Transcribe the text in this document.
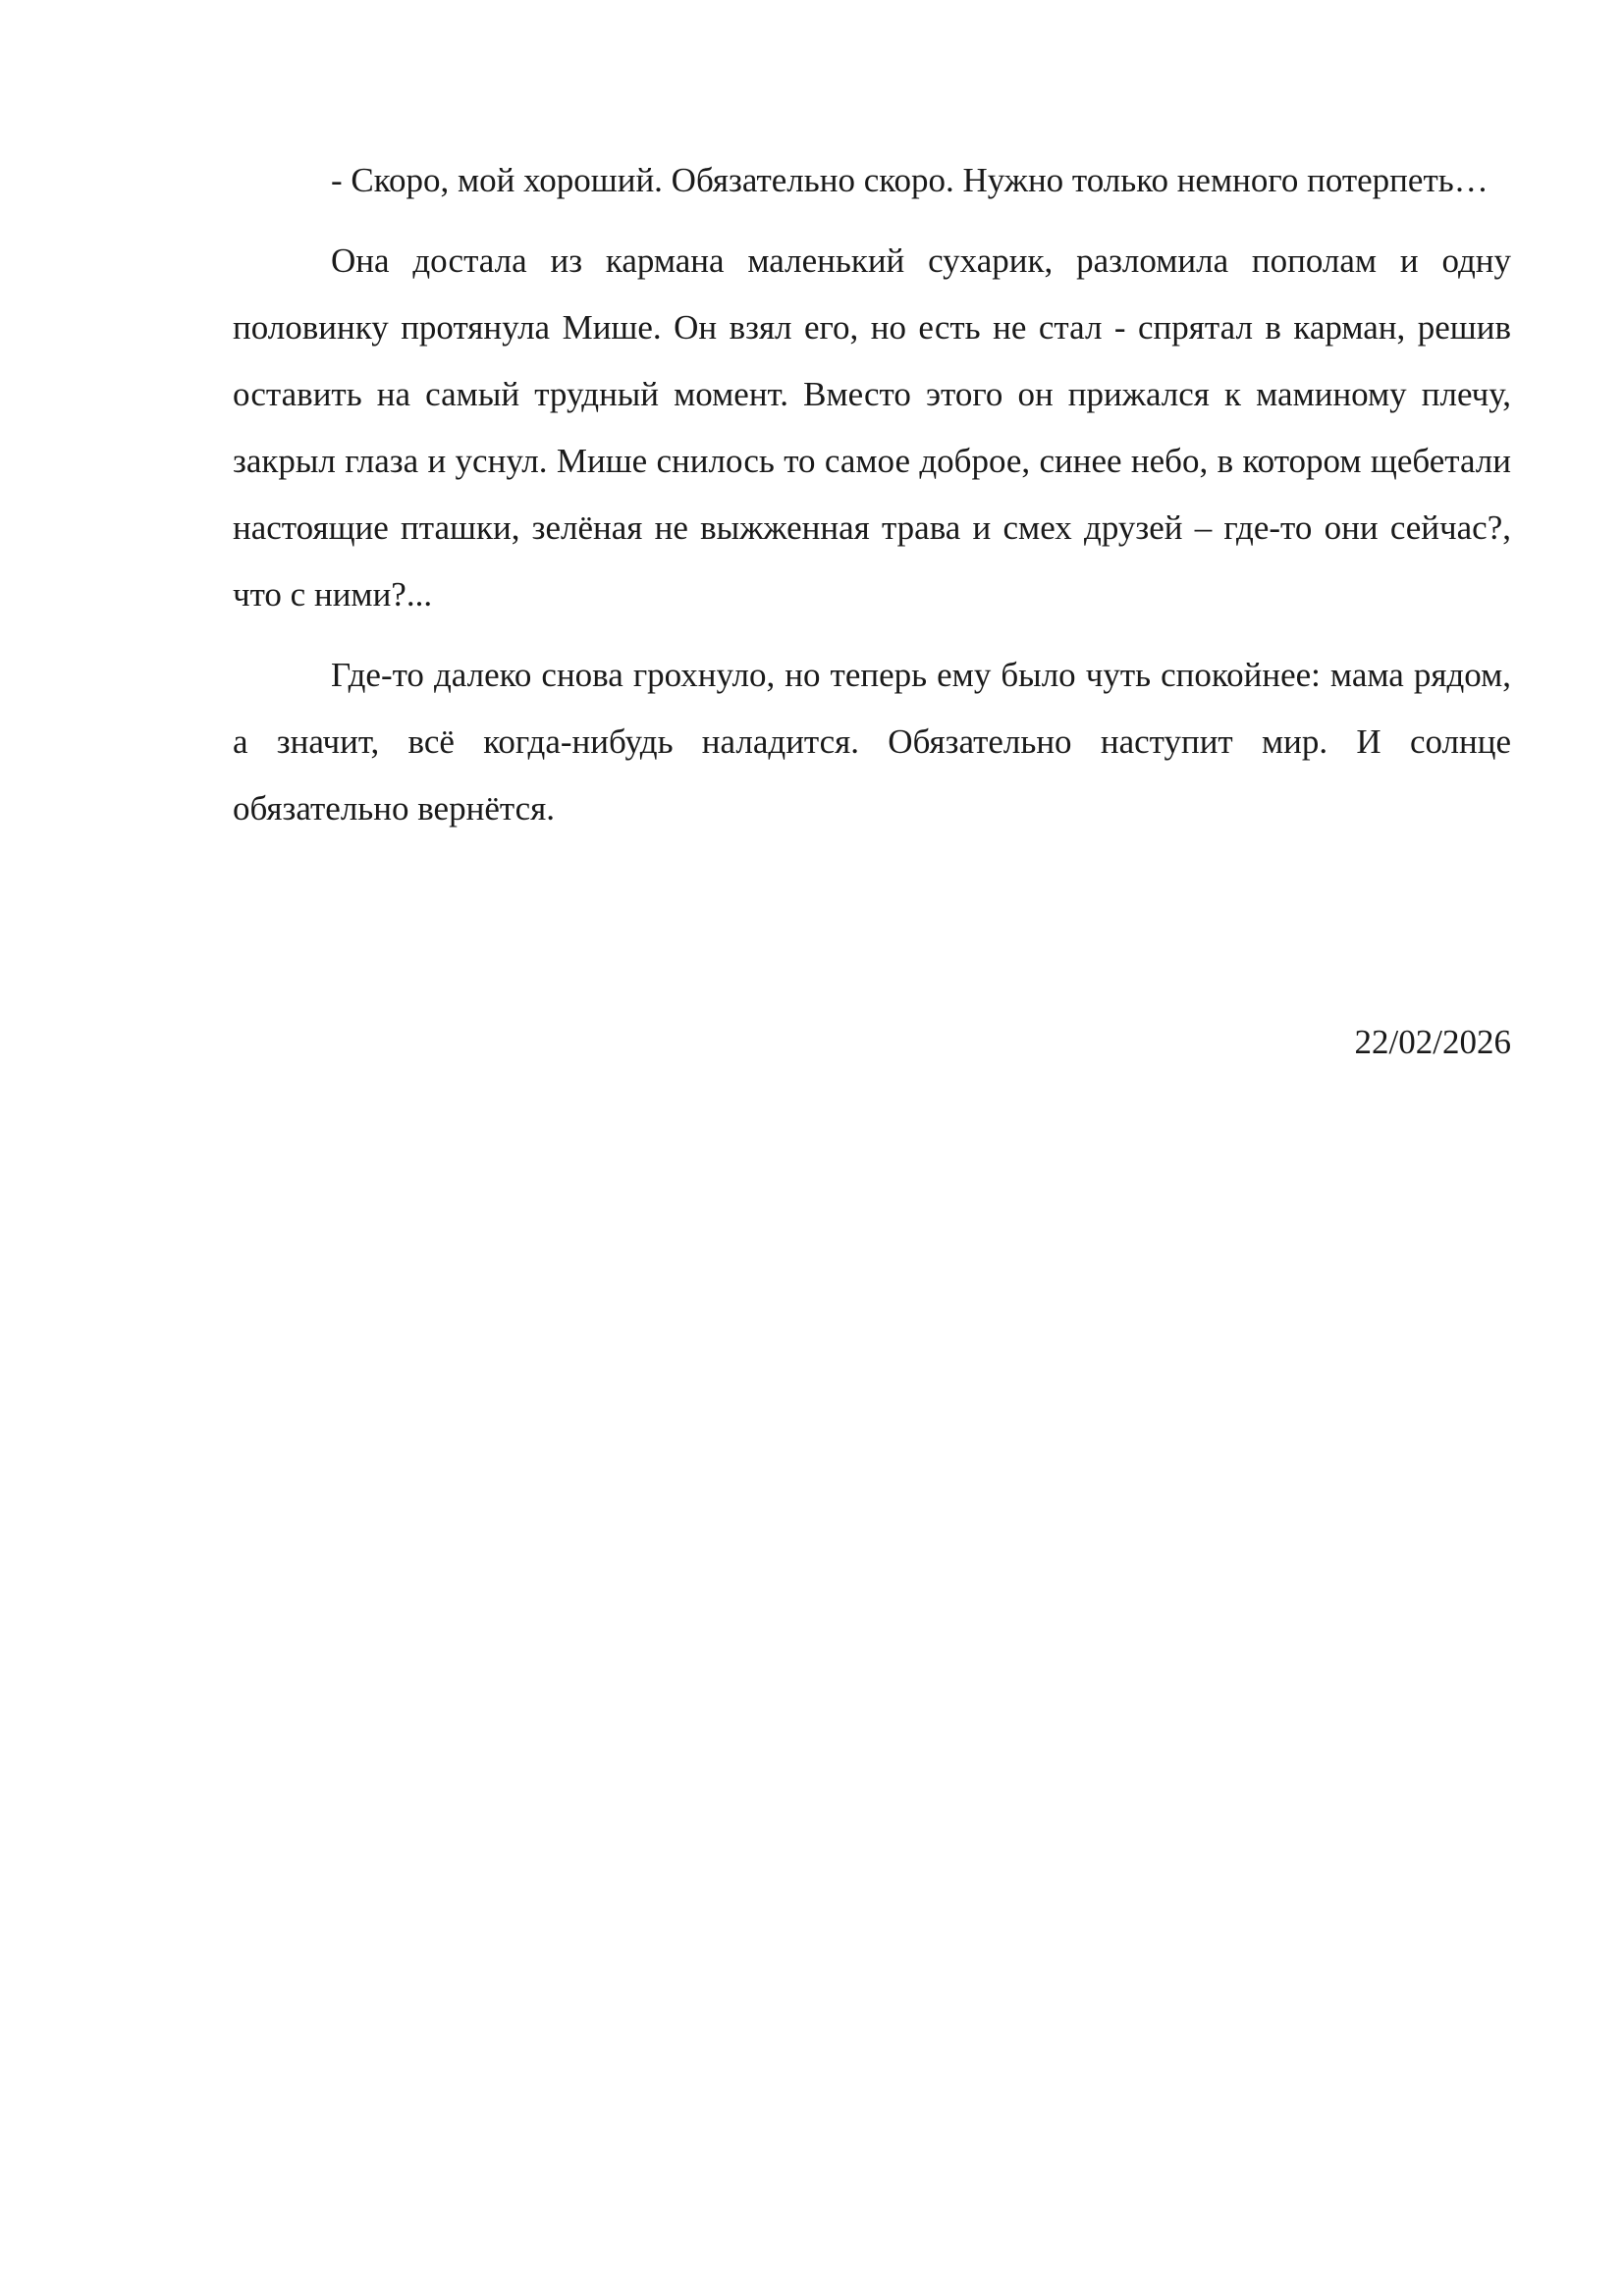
- Скоро, мой хороший. Обязательно скоро. Нужно только немного потерпеть…

Она достала из кармана маленький сухарик, разломила пополам и одну половинку протянула Мише. Он взял его, но есть не стал - спрятал в карман, решив оставить на самый трудный момент. Вместо этого он прижался к маминому плечу, закрыл глаза и уснул. Мише снилось то самое доброе, синее небо, в котором щебетали настоящие пташки, зелёная не выжженная трава и смех друзей – где-то они сейчас?, что с ними?...

Где-то далеко снова грохнуло, но теперь ему было чуть спокойнее: мама рядом, а значит, всё когда-нибудь наладится. Обязательно наступит мир. И солнце обязательно вернётся.

22/02/2026
